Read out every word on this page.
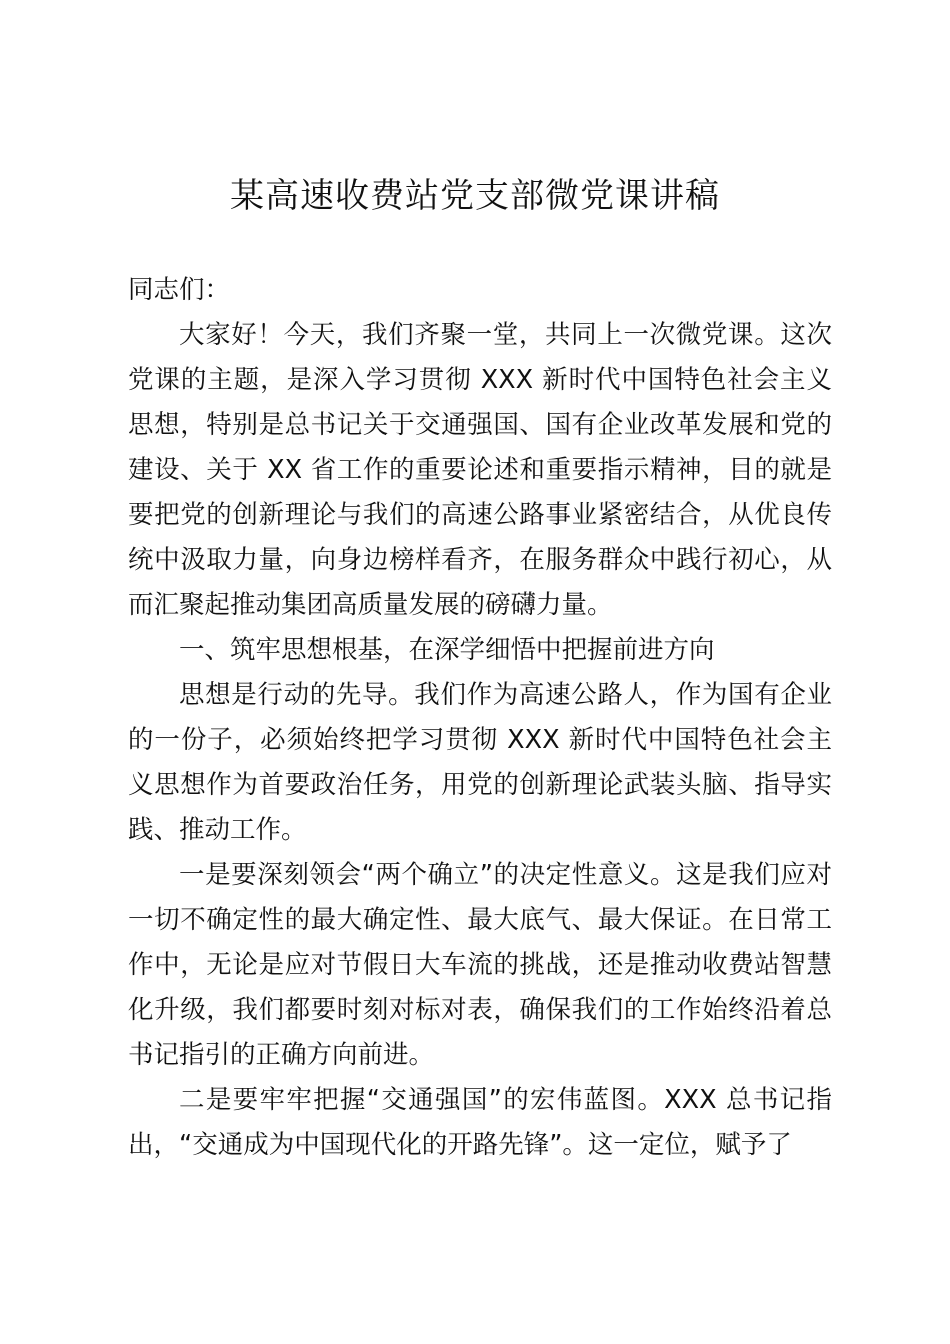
某高速收费站党支部微党课讲稿

同志们：

大家好！今天，我们齐聚一堂，共同上一次微党课。这次党课的主题，是深入学习贯彻 XXX 新时代中国特色社会主义思想，特别是总书记关于交通强国、国有企业改革发展和党的建设、关于 XX 省工作的重要论述和重要指示精神，目的就是要把党的创新理论与我们的高速公路事业紧密结合，从优良传统中汲取力量，向身边榜样看齐，在服务群众中践行初心，从而汇聚起推动集团高质量发展的磅礴力量。

一、筑牢思想根基，在深学细悟中把握前进方向

思想是行动的先导。我们作为高速公路人，作为国有企业的一份子，必须始终把学习贯彻 XXX 新时代中国特色社会主义思想作为首要政治任务，用党的创新理论武装头脑、指导实践、推动工作。

一是要深刻领会“两个确立”的决定性意义。这是我们应对一切不确定性的最大确定性、最大底气、最大保证。在日常工作中，无论是应对节假日大车流的挑战，还是推动收费站智慧化升级，我们都要时刻对标对表，确保我们的工作始终沿着总书记指引的正确方向前进。

二是要牢牢把握“交通强国”的宏伟蓝图。XXX 总书记指出，“交通成为中国现代化的开路先锋”。这一定位，赋予了
